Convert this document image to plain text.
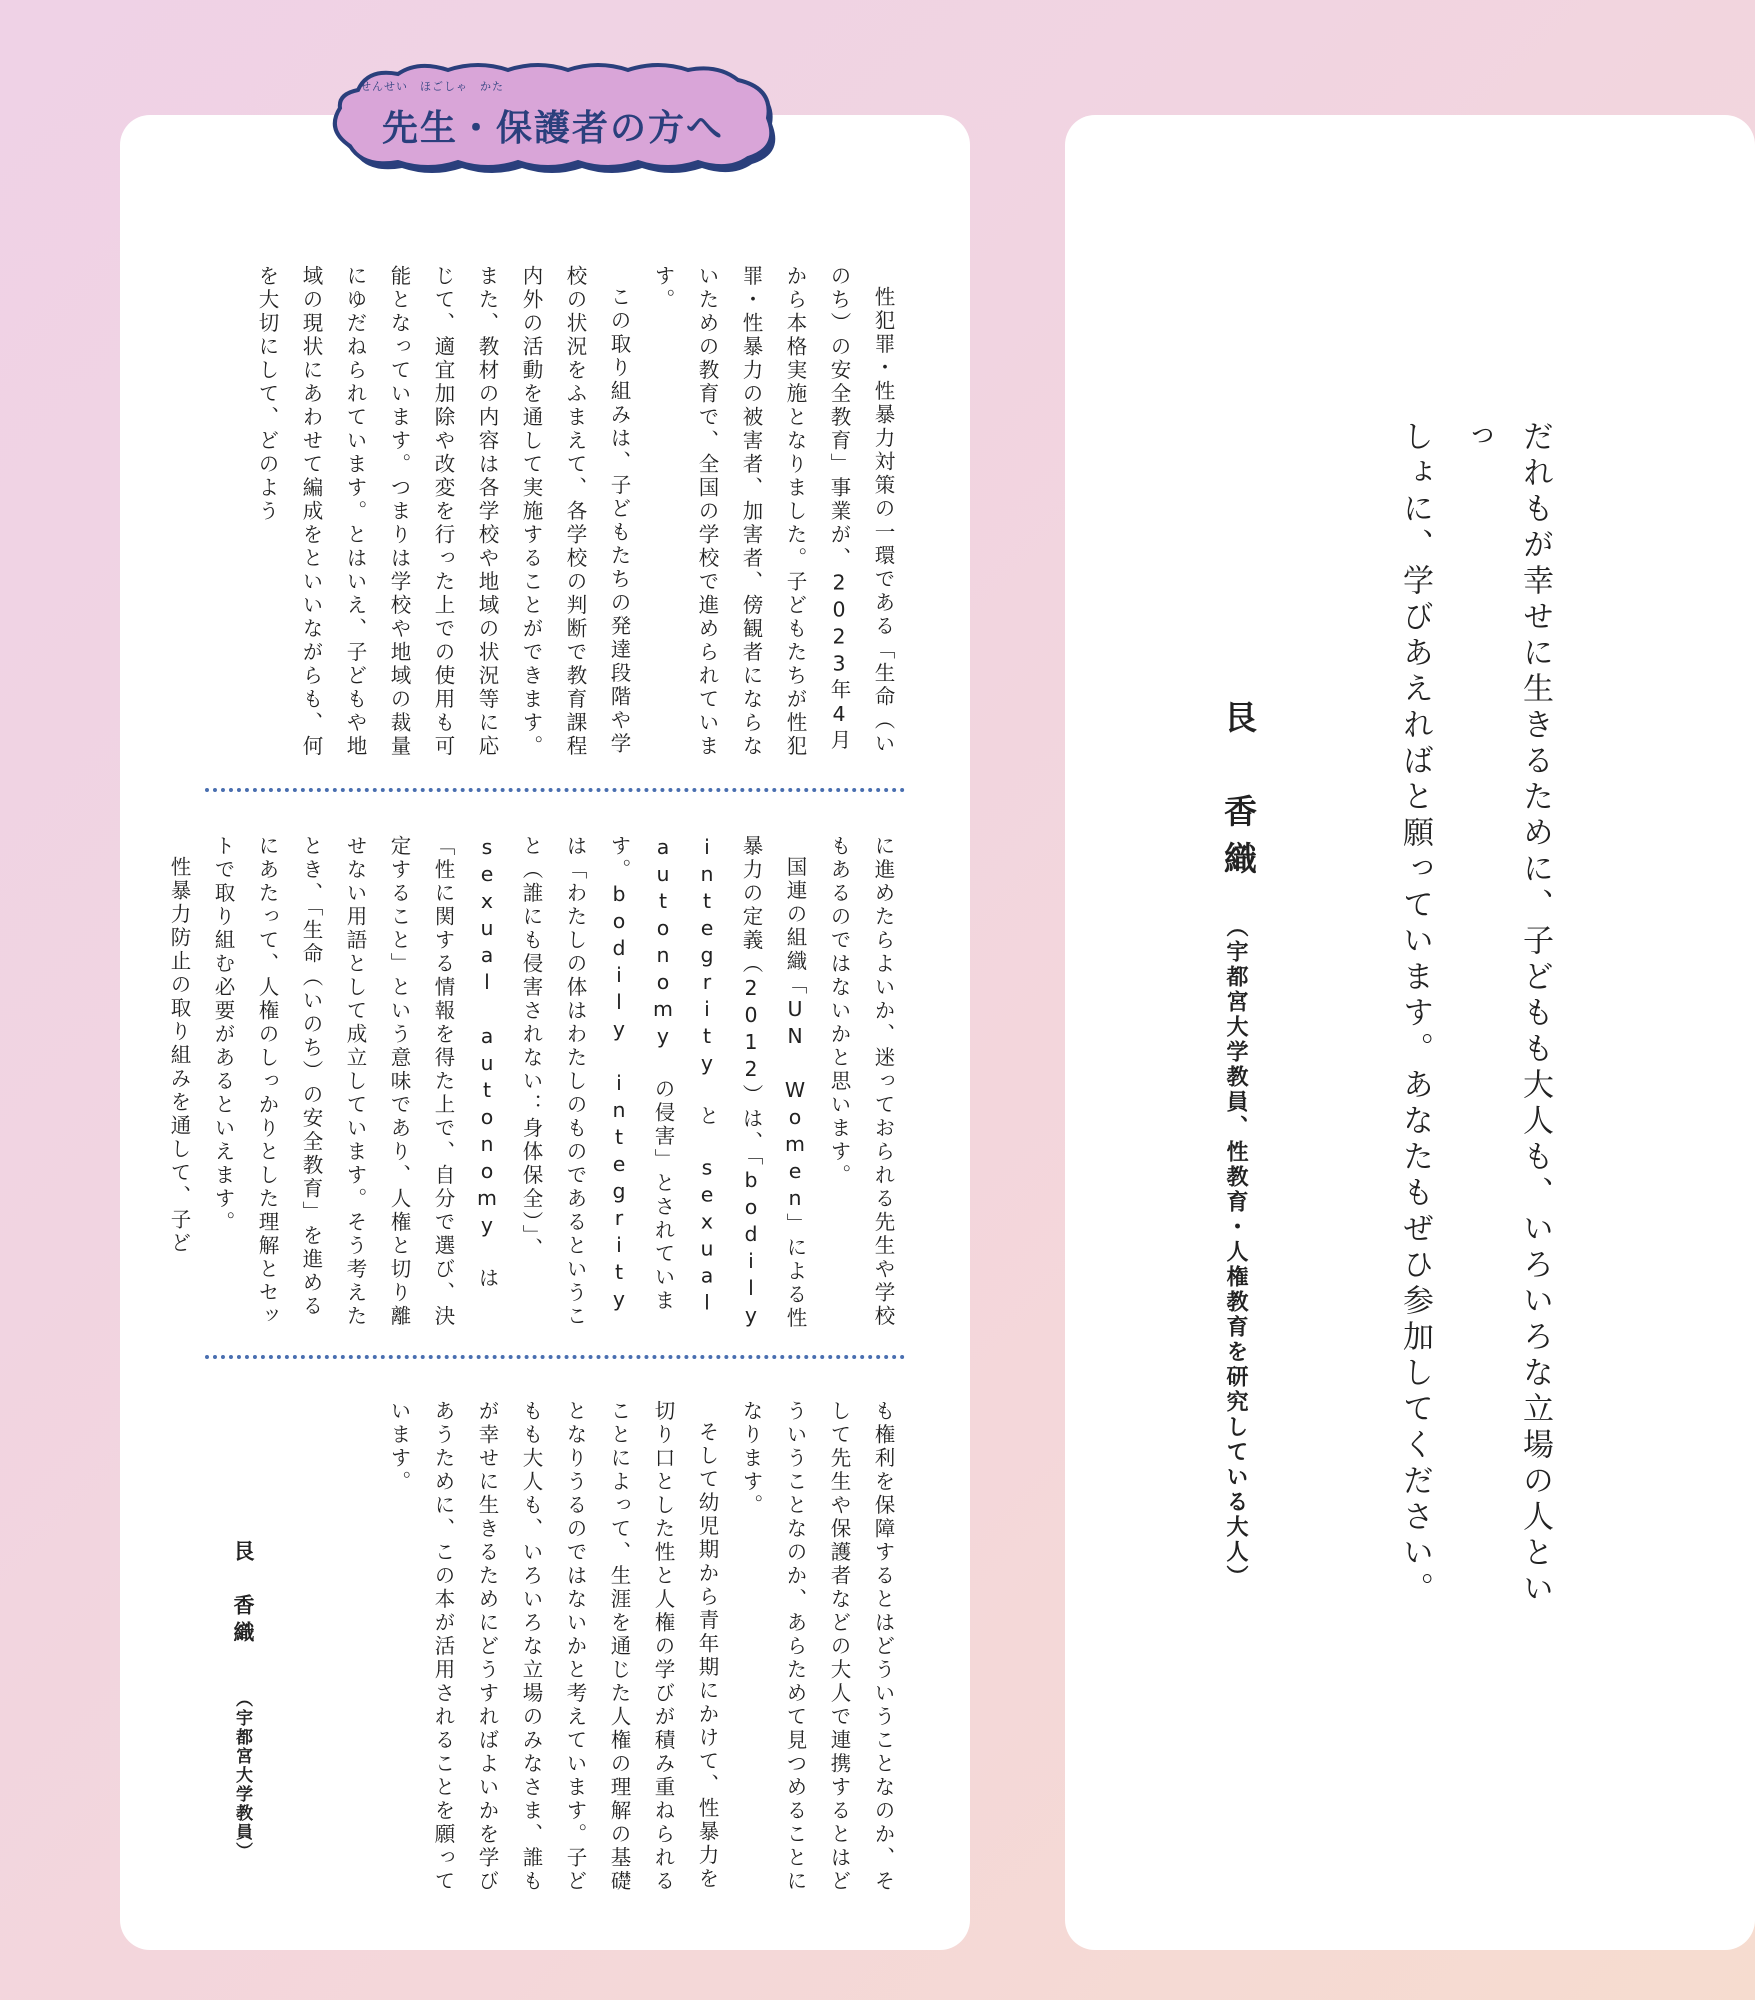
せんせい　ほごしゃ　かた
先生・保護者の方へ

性犯罪・性暴力対策の一環である「生命（いのち）の安全教育」事業が、2023年4月から本格実施となりました。子どもたちが性犯罪・性暴力の被害者、加害者、傍観者にならないための教育で、全国の学校で進められています。

この取り組みは、子どもたちの発達段階や学校の状況をふまえて、各学校の判断で教育課程内外の活動を通して実施することができます。また、教材の内容は各学校や地域の状況等に応じて、適宜加除や改変を行った上での使用も可能となっています。つまりは学校や地域の裁量にゆだねられています。とはいえ、子どもや地域の現状にあわせて編成をといいながらも、何を大切にして、どのよう

に進めたらよいか、迷っておられる先生や学校もあるのではないかと思います。

国連の組織「UN Women」による性暴力の定義（2012）は、「bodily integrity と sexual autonomy の侵害」とされています。bodily integrity は「わたしの体はわたしのものであるということ（誰にも侵害されない：身体保全）」、sexual autonomy は「性に関する情報を得た上で、自分で選び、決定すること」という意味であり、人権と切り離せない用語として成立しています。そう考えたとき、「生命（いのち）の安全教育」を進めるにあたって、人権のしっかりとした理解とセットで取り組む必要があるといえます。

性暴力防止の取り組みを通して、子ど

も権利を保障するとはどういうことなのか、そして先生や保護者などの大人で連携するとはどういうことなのか、あらためて見つめることになります。

そして幼児期から青年期にかけて、性暴力を切り口とした性と人権の学びが積み重ねられることによって、生涯を通じた人権の理解の基礎となりうるのではないかと考えています。子どもも大人も、いろいろな立場のみなさま、誰もが幸せに生きるためにどうすればよいかを学びあうために、この本が活用されることを願っています。

艮　香織
（宇都宮大学教員）
だれもが幸せに生きるために、子どもも大人も、いろいろな立場の人といっ
しょに、学びあえればと願っています。あなたもぜひ参加してください。
艮　香織
（宇都宮大学教員、性教育・人権教育を研究している大人）
